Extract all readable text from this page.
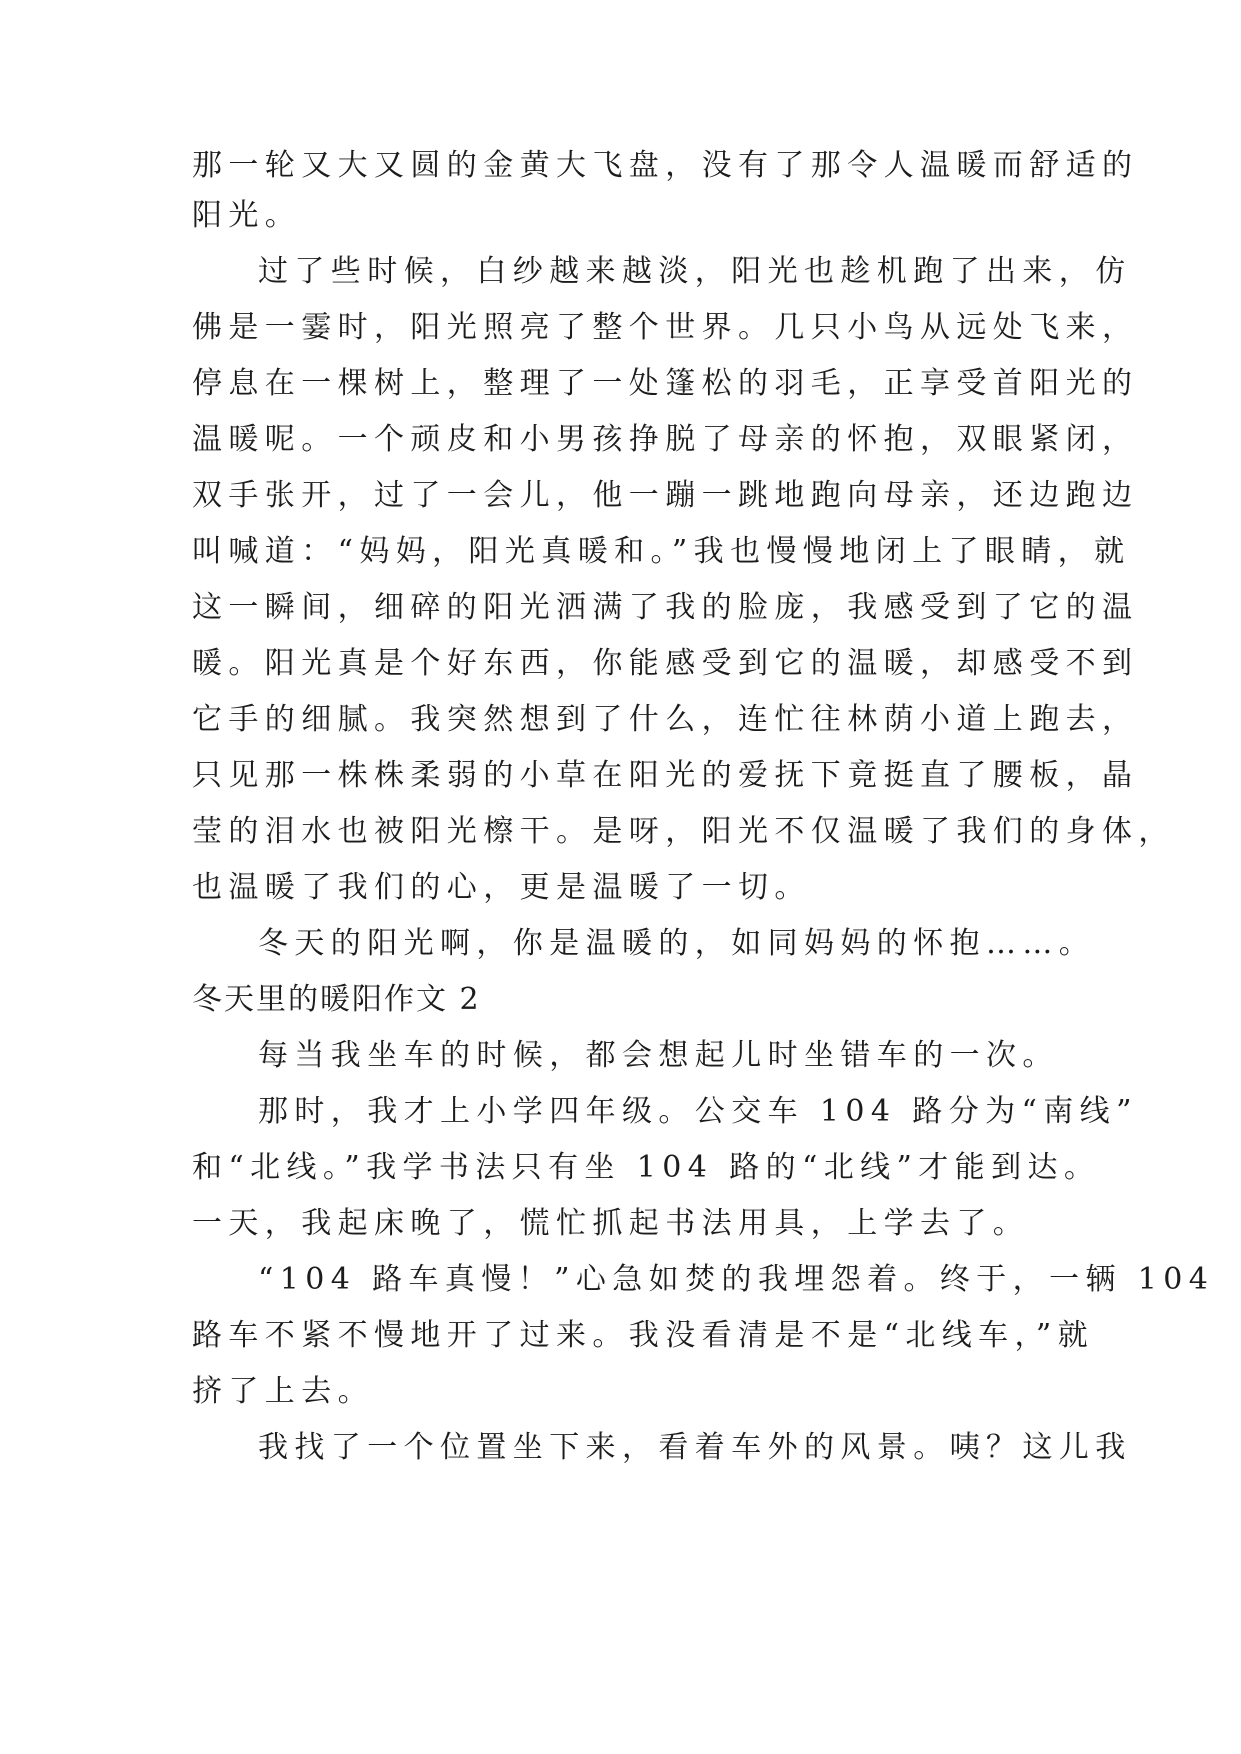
那一轮又大又圆的金黄大飞盘，没有了那令人温暖而舒适的

阳光。

过了些时候，白纱越来越淡，阳光也趁机跑了出来，仿

佛是一霎时，阳光照亮了整个世界。几只小鸟从远处飞来，

停息在一棵树上，整理了一处篷松的羽毛，正享受首阳光的

温暖呢。一个顽皮和小男孩挣脱了母亲的怀抱，双眼紧闭，

双手张开，过了一会儿，他一蹦一跳地跑向母亲，还边跑边

叫喊道：“妈妈，阳光真暖和。”我也慢慢地闭上了眼睛，就

这一瞬间，细碎的阳光洒满了我的脸庞，我感受到了它的温

暖。阳光真是个好东西，你能感受到它的温暖，却感受不到

它手的细腻。我突然想到了什么，连忙往林荫小道上跑去，

只见那一株株柔弱的小草在阳光的爱抚下竟挺直了腰板，晶

莹的泪水也被阳光檫干。是呀，阳光不仅温暖了我们的身体，

也温暖了我们的心，更是温暖了一切。

冬天的阳光啊，你是温暖的，如同妈妈的怀抱……。

冬天里的暖阳作文 2

每当我坐车的时候，都会想起儿时坐错车的一次。

那时，我才上小学四年级。公交车 104 路分为“南线”

和“北线。”我学书法只有坐 104 路的“北线”才能到达。

一天，我起床晚了，慌忙抓起书法用具，上学去了。

“104 路车真慢！”心急如焚的我埋怨着。终于，一辆 104

路车不紧不慢地开了过来。我没看清是不是“北线车，”就

挤了上去。

我找了一个位置坐下来，看着车外的风景。咦？这儿我
